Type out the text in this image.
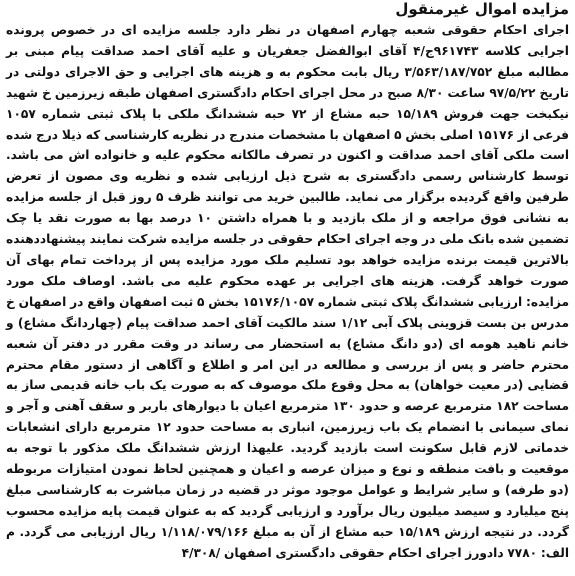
مزایده اموال غیرمنقول

اجرای احکام حقوقی شعبه چهارم اصفهان در نظر دارد جلسه مزایده ای در خصوص پرونده اجرایی کلاسه ۹۶۱۷۴۳ج/۴ آقای ابوالفضل جعفریان و علیه آقای احمد صداقت پیام مبنی بر مطالبه مبلغ ۳/۵۶۳/۱۸۷/۷۵۲ ریال بابت محکوم به و هزینه های اجرایی و حق الاجرای دولتی در تاریخ ۹۷/۵/۲۲ ساعت ۸/۳۰ صبح در محل اجرای احکام دادگستری اصفهان طبقه زیرزمین خ شهید نیکبخت جهت فروش ۱۵/۱۸۹ حبه مشاع از ۷۲ حبه ششدانگ ملکی با پلاک ثبتی شماره ۱۰۵۷ فرعی از ۱۵۱۷۶ اصلی بخش ۵ اصفهان با مشخصات مندرج در نظریه کارشناسی که ذیلا درج شده است ملکی آقای احمد صداقت و اکنون در تصرف مالکانه محکوم علیه و خانواده اش می باشد. توسط کارشناس رسمی دادگستری به شرح ذیل ارزیابی شده و نظریه وی مصون از تعرض طرفین واقع گردیده برگزار می نماید. طالبین خرید می توانند ظرف ۵ روز قبل از جلسه مزایده به نشانی فوق مراجعه و از ملک بازدید و با همراه داشتن ۱۰ درصد بها به صورت نقد یا چک تضمین شده بانک ملی در وجه اجرای احکام حقوقی در جلسه مزایده شرکت نمایند پیشنهاددهنده بالاترین قیمت برنده مزایده خواهد بود تسلیم ملک مورد مزایده پس از پرداخت تمام بهای آن صورت خواهد گرفت. هزینه های اجرایی بر عهده محکوم علیه می باشد. اوصاف ملک مورد مزایده: ارزیابی ششدانگ پلاک ثبتی شماره ۱۵۱۷۶/۱۰۵۷ بخش ۵ ثبت اصفهان واقع در اصفهان خ مدرس بن بست قزوینی پلاک آبی ۱/۱۲ سند مالکیت آقای احمد صداقت پیام (چهاردانگ مشاع) و خانم ناهید هومه ای (دو دانگ مشاع) به استحضار می رساند در وقت مقرر در دفتر آن شعبه محترم حاضر و پس از بررسی و مطالعه در این امر و اطلاع و آگاهی از دستور مقام محترم قضایی (در معیت خواهان) به محل وقوع ملک موصوف که به صورت یک باب خانه قدیمی ساز به مساحت ۱۸۲ مترمربع عرصه و حدود ۱۳۰ مترمربع اعیان با دیوارهای باربر و سقف آهنی و آجر و نمای سیمانی با انضمام یک باب زیرزمین، انباری به مساحت حدود ۱۲ مترمربع دارای انشعابات خدماتی لازم قابل سکونت است بازدید گردید. علیهذا ارزش ششدانگ ملک مذکور با توجه به موقعیت و بافت منطقه و نوع و میزان عرصه و اعیان و همچنین لحاظ نمودن امتیازات مربوطه (دو طرفه) و سایر شرایط و عوامل موجود موثر در قضیه در زمان مباشرت به کارشناسی مبلغ پنج میلیارد و سیصد میلیون ریال برآورد و ارزیابی گردید که به عنوان قیمت پایه مزایده محسوب گردد. در نتیجه ارزش ۱۵/۱۸۹ حبه مشاع از آن به مبلغ ۱/۱۱۸/۰۷۹/۱۶۶ ریال ارزیابی می گردد. م الف: ۷۷۸۰ دادورز اجرای احکام حقوقی دادگستری اصفهان /۴/۳۰۸
